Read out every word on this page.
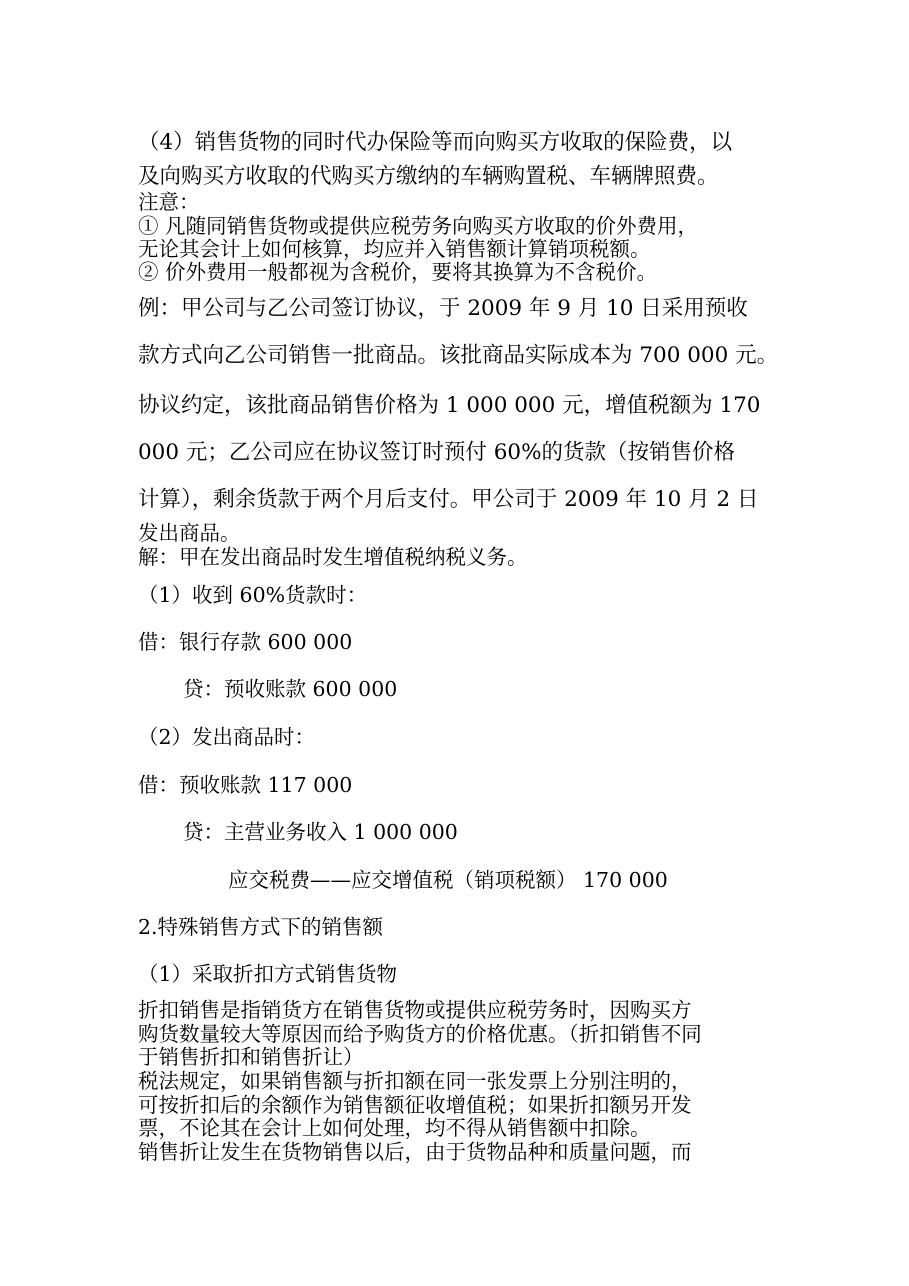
（4）销售货物的同时代办保险等而向购买方收取的保险费，以
及向购买方收取的代购买方缴纳的车辆购置税、车辆牌照费。
注意：
① 凡随同销售货物或提供应税劳务向购买方收取的价外费用，
无论其会计上如何核算，均应并入销售额计算销项税额。
② 价外费用一般都视为含税价，要将其换算为不含税价。
例：甲公司与乙公司签订协议，于 2009 年 9 月 10 日采用预收
款方式向乙公司销售一批商品。该批商品实际成本为 700 000 元。
协议约定，该批商品销售价格为 1 000 000 元，增值税额为 170
000 元；乙公司应在协议签订时预付 60%的货款（按销售价格
计算），剩余货款于两个月后支付。甲公司于 2009 年 10 月 2 日
发出商品。
解：甲在发出商品时发生增值税纳税义务。
（1）收到 60%货款时：
借：银行存款 600 000
贷：预收账款 600 000
（2）发出商品时：
借：预收账款 117 000
贷：主营业务收入 1 000 000
应交税费——应交增值税（销项税额） 170 000
2.特殊销售方式下的销售额
（1）采取折扣方式销售货物
折扣销售是指销货方在销售货物或提供应税劳务时，因购买方
购货数量较大等原因而给予购货方的价格优惠。（折扣销售不同
于销售折扣和销售折让）
税法规定，如果销售额与折扣额在同一张发票上分别注明的，
可按折扣后的余额作为销售额征收增值税；如果折扣额另开发
票，不论其在会计上如何处理，均不得从销售额中扣除。
销售折让发生在货物销售以后，由于货物品种和质量问题，而
